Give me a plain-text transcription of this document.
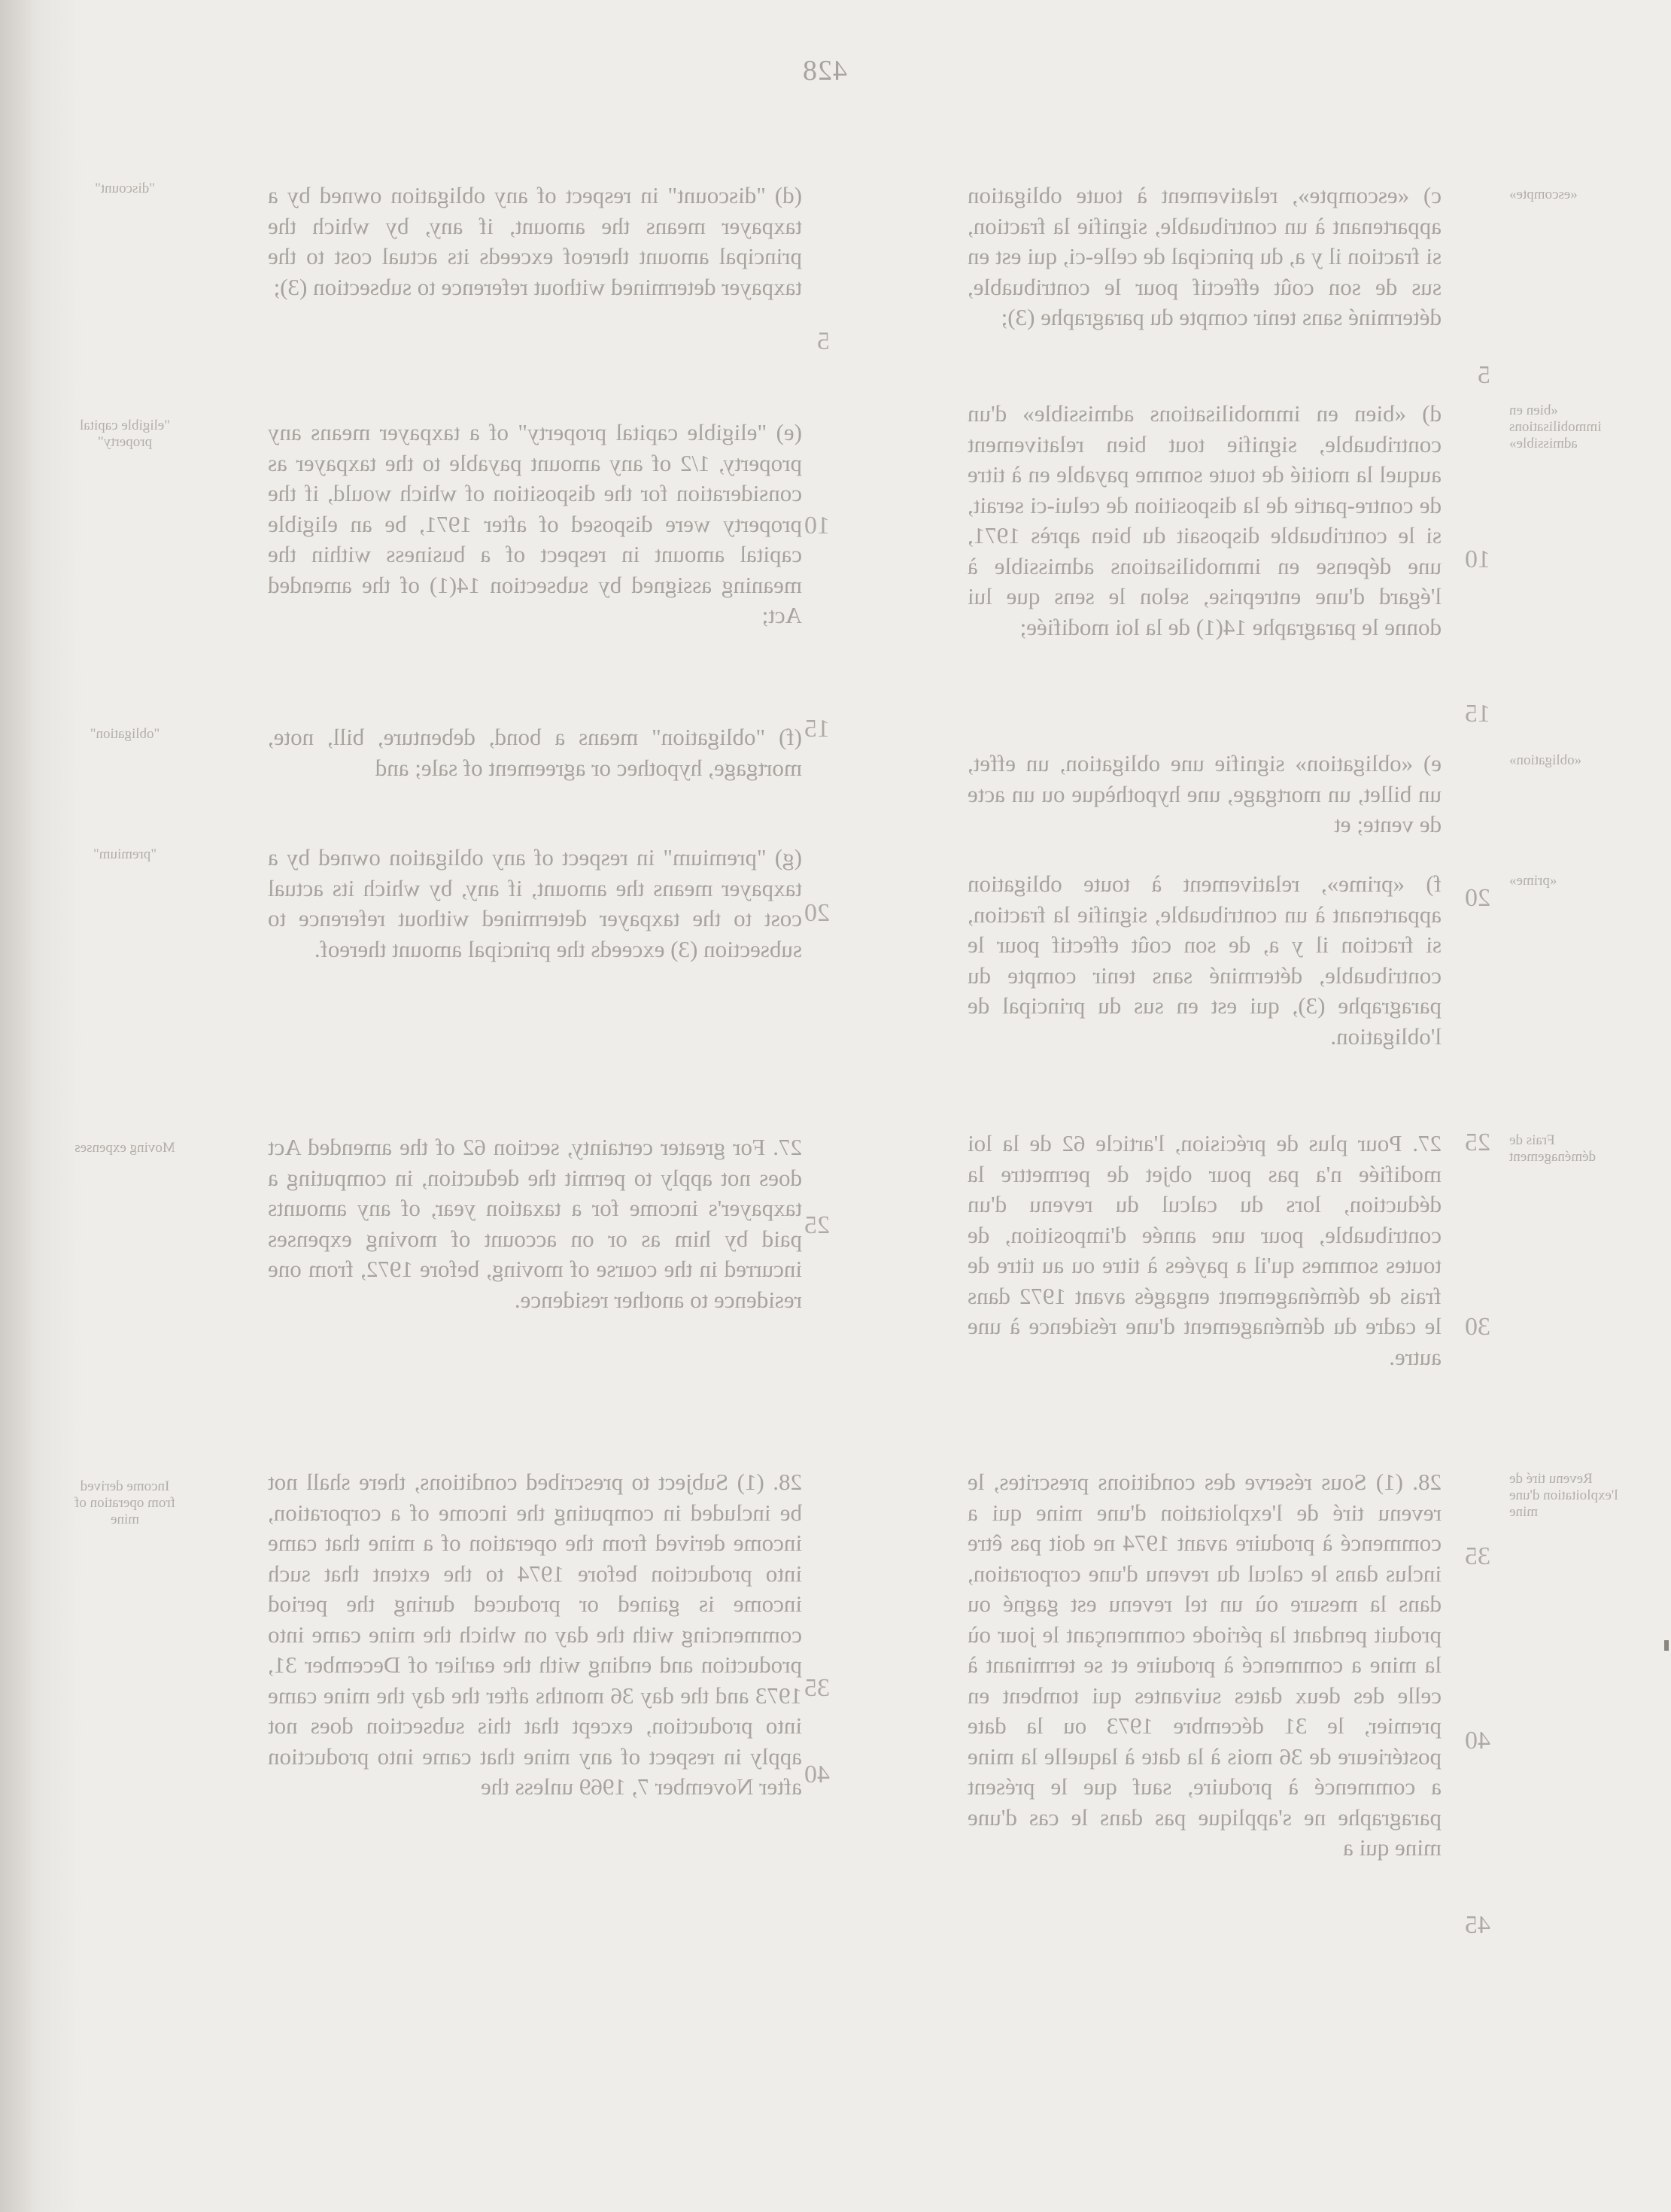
428
"discount"
"eligible capital property"
"obligation"
"premium"
Moving expenses
Income derived from operation of mine

(d) "discount" in respect of any obligation owned by a taxpayer means the amount, if any, by which the principal amount thereof exceeds its actual cost to the taxpayer determined without reference to subsection (3);

(e) "eligible capital property" of a taxpayer means any property, 1/2 of any amount payable to the taxpayer as consideration for the disposition of which would, if the property were disposed of after 1971, be an eligible capital amount in respect of a business within the meaning assigned by subsection 14(1) of the amended Act;

(f) "obligation" means a bond, debenture, bill, note, mortgage, hypothec or agreement of sale; and

(g) "premium" in respect of any obligation owned by a taxpayer means the amount, if any, by which its actual cost to the taxpayer determined without reference to subsection (3) exceeds the principal amount thereof.

27. For greater certainty, section 62 of the amended Act does not apply to permit the deduction, in computing a taxpayer's income for a taxation year, of any amounts paid by him as or on account of moving expenses incurred in the course of moving, before 1972, from one residence to another residence.

28. (1) Subject to prescribed conditions, there shall not be included in computing the income of a corporation, income derived from the operation of a mine that came into production before 1974 to the extent that such income is gained or produced during the period commencing with the day on which the mine came into production and ending with the earlier of December 31, 1973 and the day 36 months after the day the mine came into production, except that this subsection does not apply in respect of any mine that came into production after November 7, 1969 unless the

5
10
15
20
25
35
40
5
10
15
20
25
30
35
40
45

c) «escompte», relativement à toute obligation appartenant à un contribuable, signifie la fraction, si fraction il y a, du principal de celle-ci, qui est en sus de son coût effectif pour le contribuable, déterminé sans tenir compte du paragraphe (3);

d) «bien en immobilisations admissible» d'un contribuable, signifie tout bien relativement auquel la moitié de toute somme payable en à titre de contre-partie de la disposition de celui-ci serait, si le contribuable disposait du bien après 1971, une dépense en immobilisations admissible à l'égard d'une entreprise, selon le sens que lui donne le paragraphe 14(1) de la loi modifiée;

e) «obligation» signifie une obligation, un effet, un billet, un mortgage, une hypothèque ou un acte de vente; et

f) «prime», relativement à toute obligation appartenant à un contribuable, signifie la fraction, si fraction il y a, de son coût effectif pour le contribuable, déterminé sans tenir compte du paragraphe (3), qui est en sus du principal de l'obligation.

27. Pour plus de précision, l'article 62 de la loi modifiée n'a pas pour objet de permettre la déduction, lors du calcul du revenu d'un contribuable, pour une année d'imposition, de toutes sommes qu'il a payées à titre ou au titre de frais de déménagement engagés avant 1972 dans le cadre du déménagement d'une résidence à une autre.

28. (1) Sous réserve des conditions prescrites, le revenu tiré de l'exploitation d'une mine qui a commencé à produire avant 1974 ne doit pas être inclus dans le calcul du revenu d'une corporation, dans la mesure où un tel revenu est gagné ou produit pendant la période commençant le jour où la mine a commencé à produire et se terminant à celle des deux dates suivantes qui tombent en premier, le 31 décembre 1973 ou la date postérieure de 36 mois à la date à laquelle la mine a commencé à produire, sauf que le présent paragraphe ne s'applique pas dans le cas d'une mine qui a

«escompte»
«bien en immobilisations admissible»
«obligation»
«prime»
Frais de déménagement
Revenu tiré de l'exploitation d'une mine
